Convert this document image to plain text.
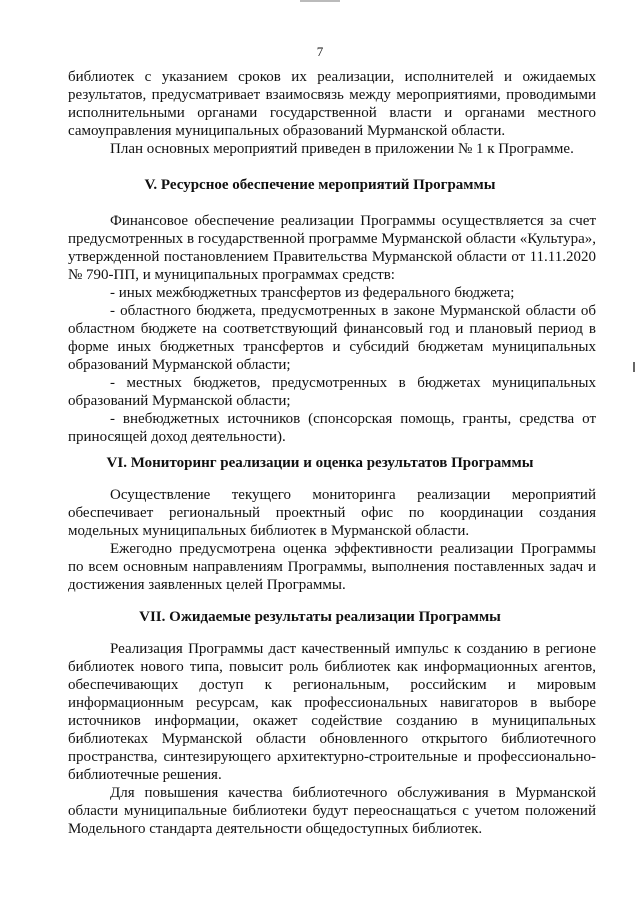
7

библиотек с указанием сроков их реализации, исполнителей и ожидаемых результатов, предусматривает взаимосвязь между мероприятиями, проводимыми исполнительными органами государственной власти и органами местного самоуправления муниципальных образований Мурманской области.

План основных мероприятий приведен в приложении № 1 к Программе.

V. Ресурсное обеспечение мероприятий Программы

Финансовое обеспечение реализации Программы осуществляется за счет предусмотренных в государственной программе Мурманской области «Культура», утвержденной постановлением Правительства Мурманской области от 11.11.2020 № 790-ПП, и муниципальных программах средств:

- иных межбюджетных трансфертов из федерального бюджета;

- областного бюджета, предусмотренных в законе Мурманской области об областном бюджете на соответствующий финансовый год и плановый период в форме иных бюджетных трансфертов и субсидий бюджетам муниципальных образований Мурманской области;

- местных бюджетов, предусмотренных в бюджетах муниципальных образований Мурманской области;

- внебюджетных источников (спонсорская помощь, гранты, средства от приносящей доход деятельности).

VI. Мониторинг реализации и оценка результатов Программы

Осуществление текущего мониторинга реализации мероприятий обеспечивает региональный проектный офис по координации создания модельных муниципальных библиотек в Мурманской области.

Ежегодно предусмотрена оценка эффективности реализации Программы по всем основным направлениям Программы, выполнения поставленных задач и достижения заявленных целей Программы.

VII. Ожидаемые результаты реализации Программы

Реализация Программы даст качественный импульс к созданию в регионе библиотек нового типа, повысит роль библиотек как информационных агентов, обеспечивающих доступ к региональным, российским и мировым информационным ресурсам, как профессиональных навигаторов в выборе источников информации, окажет содействие созданию в муниципальных библиотеках Мурманской области обновленного открытого библиотечного пространства, синтезирующего архитектурно-строительные и профессионально-библиотечные решения.

Для повышения качества библиотечного обслуживания в Мурманской области муниципальные библиотеки будут переоснащаться с учетом положений Модельного стандарта деятельности общедоступных библиотек.
